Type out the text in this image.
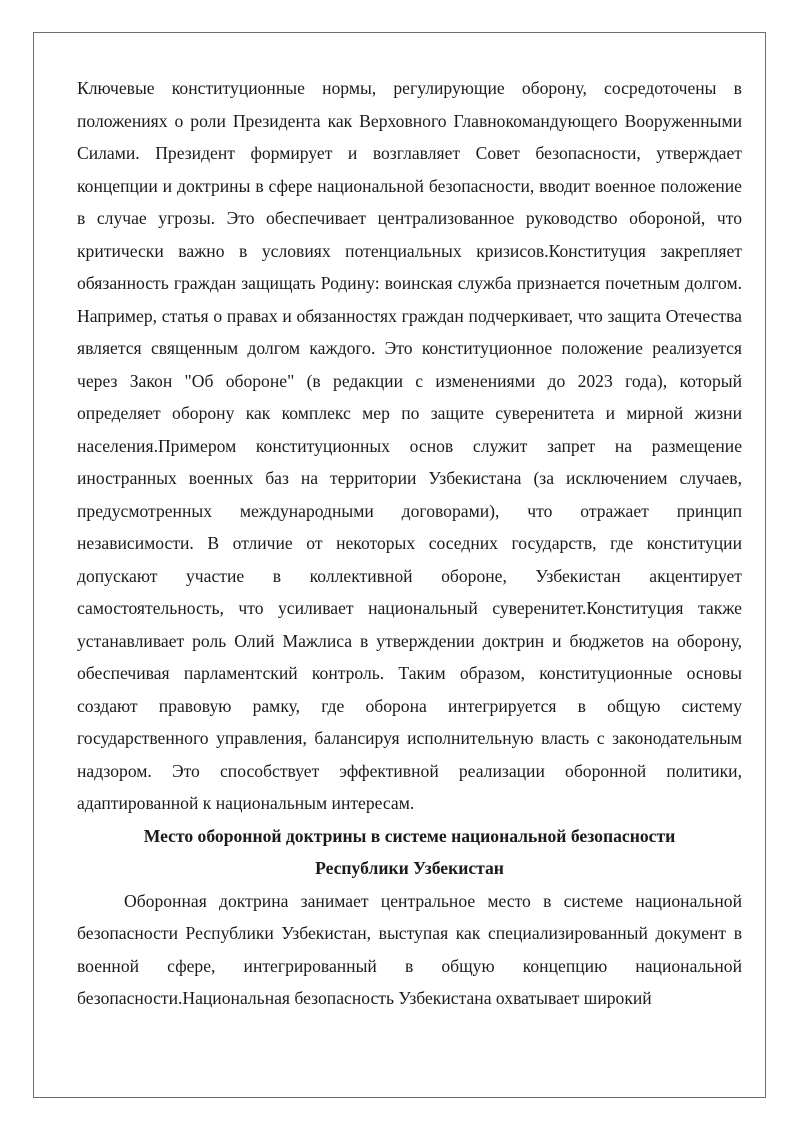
Ключевые конституционные нормы, регулирующие оборону, сосредоточены в положениях о роли Президента как Верховного Главнокомандующего Вооруженными Силами. Президент формирует и возглавляет Совет безопасности, утверждает концепции и доктрины в сфере национальной безопасности, вводит военное положение в случае угрозы. Это обеспечивает централизованное руководство обороной, что критически важно в условиях потенциальных кризисов.Конституция закрепляет обязанность граждан защищать Родину: воинская служба признается почетным долгом. Например, статья о правах и обязанностях граждан подчеркивает, что защита Отечества является священным долгом каждого. Это конституционное положение реализуется через Закон "Об обороне" (в редакции с изменениями до 2023 года), который определяет оборону как комплекс мер по защите суверенитета и мирной жизни населения.Примером конституционных основ служит запрет на размещение иностранных военных баз на территории Узбекистана (за исключением случаев, предусмотренных международными договорами), что отражает принцип независимости. В отличие от некоторых соседних государств, где конституции допускают участие в коллективной обороне, Узбекистан акцентирует самостоятельность, что усиливает национальный суверенитет.Конституция также устанавливает роль Олий Мажлиса в утверждении доктрин и бюджетов на оборону, обеспечивая парламентский контроль. Таким образом, конституционные основы создают правовую рамку, где оборона интегрируется в общую систему государственного управления, балансируя исполнительную власть с законодательным надзором. Это способствует эффективной реализации оборонной политики, адаптированной к национальным интересам.

Место оборонной доктрины в системе национальной безопасности
Республики Узбекистан

Оборонная доктрина занимает центральное место в системе национальной безопасности Республики Узбекистан, выступая как специализированный документ в военной сфере, интегрированный в общую концепцию национальной безопасности.Национальная безопасность Узбекистана охватывает широкий
